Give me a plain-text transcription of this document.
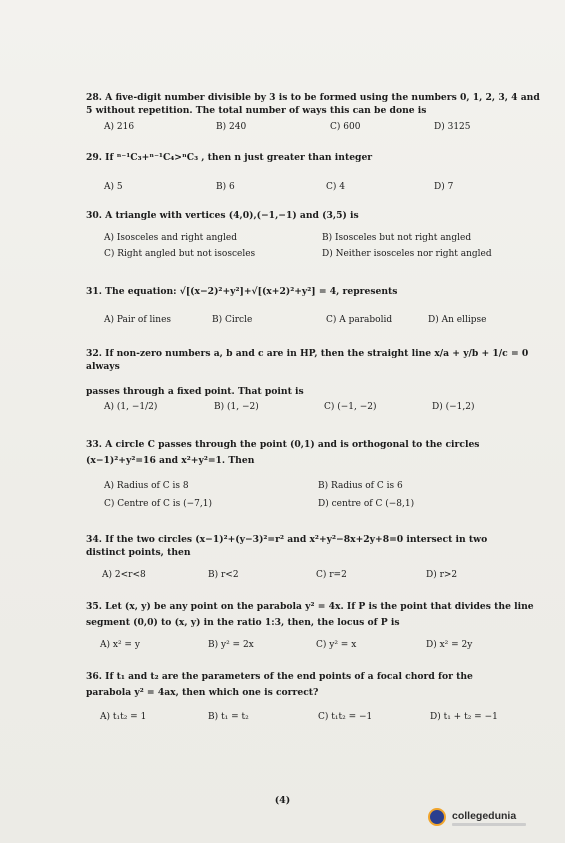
28. A five-digit number divisible by 3 is to be formed using the numbers 0, 1, 2, 3, 4 and 5 without repetition. The total number of ways this can be done is
A) 216	B) 240	C) 600	D) 3125
29. If ⁿ⁻¹C₃+ⁿ⁻¹C₄>ⁿC₃ , then n just greater than integer
A) 5	B) 6	C) 4	D) 7
30. A triangle with vertices (4,0),(−1,−1) and (3,5) is
A) Isosceles and right angled	B) Isosceles but not right angled
C) Right angled but not isosceles	D) Neither isosceles nor right angled
31. The equation: √[(x−2)²+y²]+√[(x+2)²+y²] = 4, represents
A) Pair of lines	B) Circle	C) A parabolid	D) An ellipse
32. If non-zero numbers a, b and c are in HP, then the straight line x/a + y/b + 1/c = 0 always
passes through a fixed point. That point is
A) (1, −1/2)	B) (1, −2)	C) (−1, −2)	D) (−1,2)
33. A circle C passes through the point (0,1) and is orthogonal to the circles
(x−1)²+y²=16 and x²+y²=1. Then
A) Radius of C is 8	B) Radius of C is 6
C) Centre of C is (−7,1)	D) centre of C (−8,1)
34. If the two circles (x−1)²+(y−3)²=r² and x²+y²−8x+2y+8=0 intersect in two
distinct points, then
A) 2<r<8	B) r<2	C) r=2	D) r>2
35. Let (x, y) be any point on the parabola y² = 4x. If P is the point that divides the line
segment (0,0) to (x, y) in the ratio 1:3, then, the locus of P is
A) x² = y	B) y² = 2x	C) y² = x	D) x² = 2y
36. If t₁ and t₂ are the parameters of the end points of a focal chord for the
parabola y² = 4ax, then which one is correct?
A) t₁t₂ = 1	B) t₁ = t₂	C) t₁t₂ = −1	D) t₁ + t₂ = −1
(4)
collegedunia
